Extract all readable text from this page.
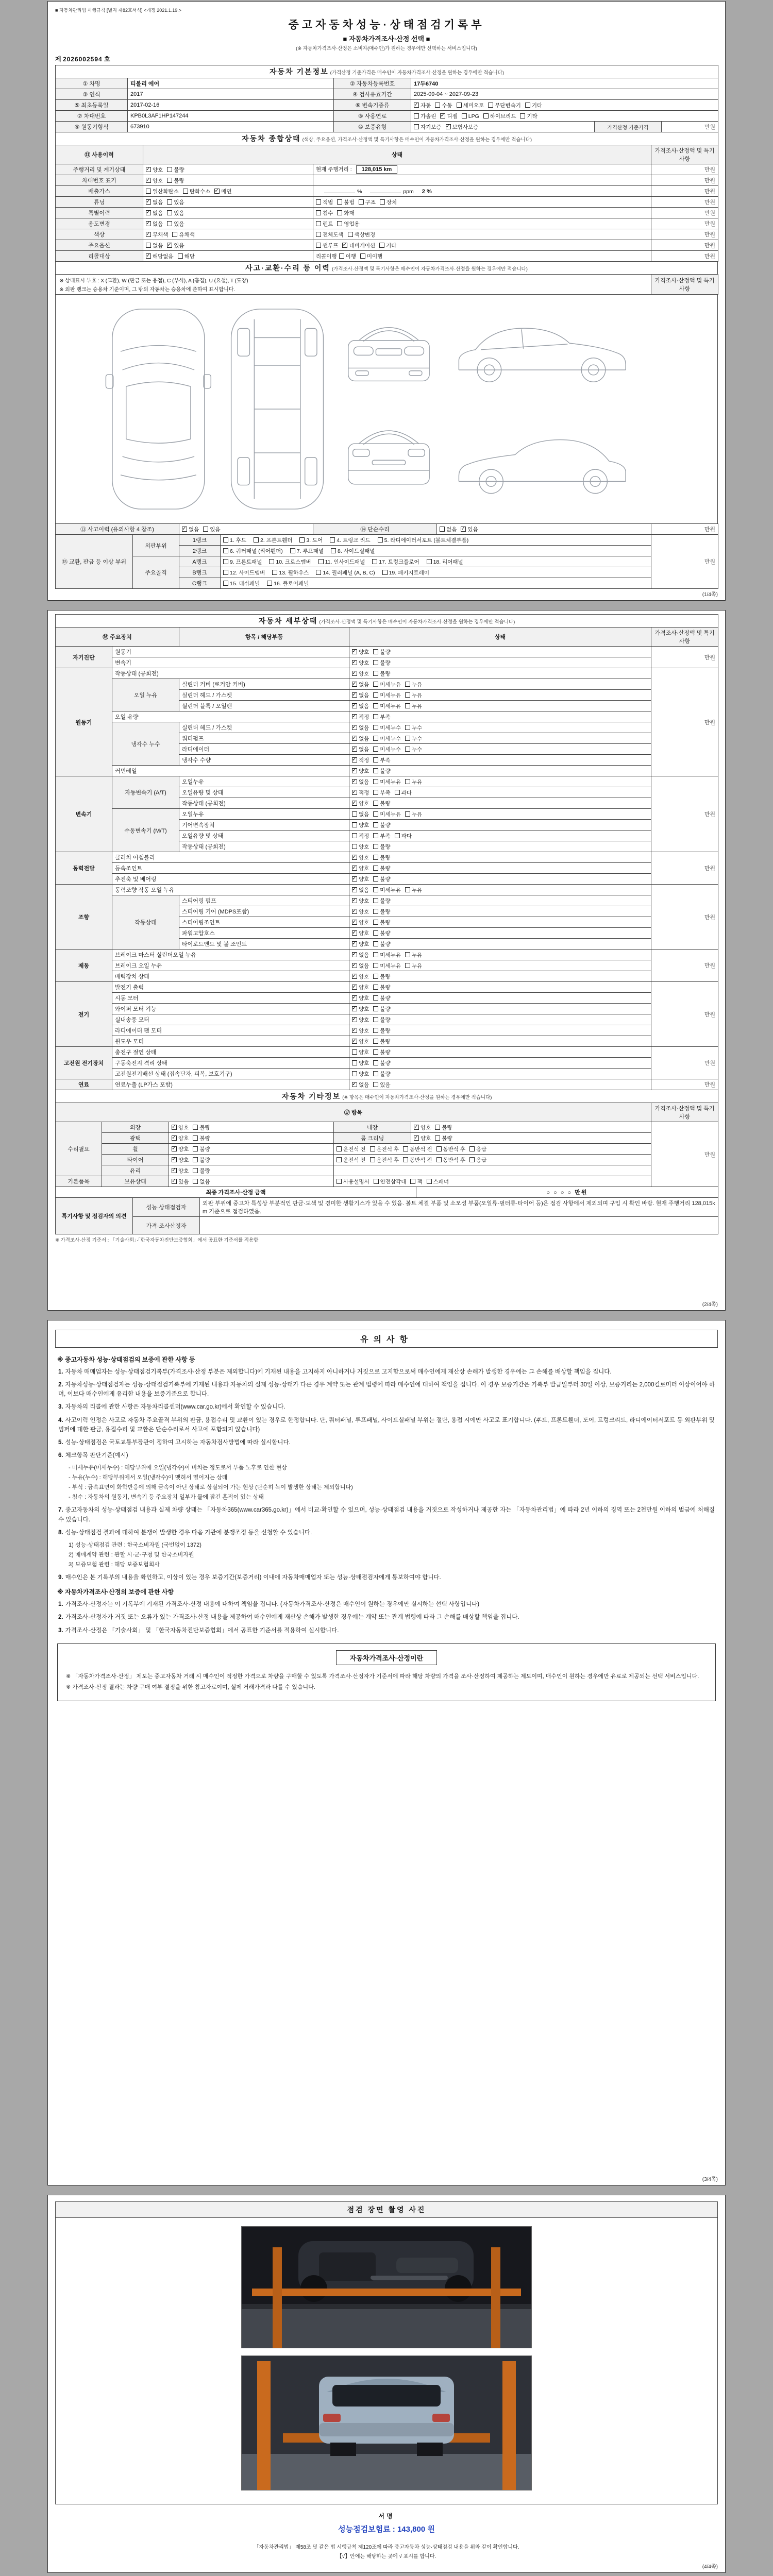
■ 자동차관리법 시행규칙 [별지 제82호서식] <개정 2021.1.19.>
중고자동차성능·상태점검기록부
■ 자동차가격조사·산정 선택 ■
(※ 자동차가격조사·산정은 소비자(매수인)가 원하는 경우에만 선택하는 서비스입니다)
제 2026002594 호
자동차 기본정보 (가격산정 기준가격은 매수인이 자동차가격조사·산정을 원하는 경우에만 적습니다)					
① 차명	티볼리 에어	② 자동차등록번호	17두6740		
③ 연식	2017	④ 검사유효기간	2025-09-04 ~ 2027-09-23		
⑤ 최초등록일	2017-02-16	⑥ 변속기종류	✓자동 수동 세미오토 무단변속기 기타
⑦ 차대번호	KPB0L3AF1HP147244	⑧ 사용연료	가솔린 ✓ 디젤 LPG 하이브리드 기타
⑨ 원동기형식	673910	⑩ 보증유형	자기보증 ✓ 보험사보증	가격산정 기준가격	만원
자동차 종합상태 (색상, 주요옵션, 가격조사·산정액 및 특기사항은 매수인이 자동차가격조사·산정을 원하는 경우에만 적습니다)			
⑪ 사용이력	상태		가격조사·산정액 및 특기사항
주행거리 및 계기상태	✓양호 불량	현재 주행거리 : 128,015 km	만원
차대번호 표기	✓양호 불량		만원
배출가스	일산화탄소 탄화수소 ✓ 매연	% ppm 2 %	만원
튜닝	✓없음 있음	적법 불법 구조 장치	만원
특별이력	✓없음 있음	침수 화재	만원
용도변경	✓없음 있음	렌트 영업용	만원
색상	✓무채색 유채색	전체도색 색상변경	만원
주요옵션	없음 ✓ 있음	썬루프 ✓ 네비게이션 기타	만원
리콜대상	✓해당없음 해당	리콜이행 이행 미이행	만원
사고·교환·수리 등 이력 (가격조사·산정액 및 특기사항은 매수인이 자동차가격조사·산정을 원하는 경우에만 적습니다)
※ 상태표시 부호 : X (교환), W (판금 또는 용접), C (부식), A (흠집), U (요철), T (도장)
※ 외판 랭크는 승용차 기준이며, 그 밖의 자동차는 승용차에 준하여 표시합니다.
	가격조사·산정액 및 특기사항
⑬ 사고이력 (유의사항 4 참조)	✓없음 있음	⑭ 단순수리	없음 ✓ 있음	만원
⑮ 교환, 판금 등 이상 부위	외판부위	1랭크	1. 후드 2. 프론트휀더 3. 도어 4. 트렁크 리드 5. 라디에이터서포트 (볼트체결부품)	만원
		2랭크	6. 쿼터패널 (리어휀더) 7. 루프패널 8. 사이드실패널	
	주요골격	A랭크	9. 프론트패널 10. 크로스멤버 11. 인사이드패널 17. 트렁크플로어 18. 리어패널	
		B랭크	12. 사이드멤버 13. 휠하우스 14. 필러패널 (A, B, C) 19. 패키지트레이	
		C랭크	15. 대쉬패널 16. 플로어패널	
(1/4쪽)
자동차 세부상태 (가격조사·산정액 및 특기사항은 매수인이 자동차가격조사·산정을 원하는 경우에만 적습니다)				
⑯ 주요장치		항목 / 해당부품	상태	가격조사·산정액 및 특기사항
자기진단	원동기	✓양호 불량	만원
	변속기	✓양호 불량
원동기	작동상태 (공회전)	✓양호 불량	만원
	오일 누유	실린더 커버 (로커암 커버)	✓없음 미세누유 누유
		실린더 헤드 / 가스켓	✓없음 미세누유 누유
		실린더 블록 / 오일팬	✓없음 미세누유 누유
	오일 유량	✓적정 부족
	냉각수 누수	실린더 헤드 / 가스켓	✓없음 미세누수 누수
		워터펌프	✓없음 미세누수 누수
		라디에이터	✓없음 미세누수 누수
		냉각수 수량	✓적정 부족
	커먼레일	✓양호 불량
변속기	자동변속기 (A/T)	오일누유	✓없음 미세누유 누유	만원
		오일유량 및 상태	✓적정 부족 과다
		작동상태 (공회전)	✓양호 불량
	수동변속기 (M/T)	오일누유	없음 미세누유 누유	
		기어변속장치	양호 불량	
		오일유량 및 상태	적정 부족 과다	
		작동상태 (공회전)	양호 불량	
동력전달	클러치 어셈블리	✓양호 불량	만원
	등속조인트	✓양호 불량
	추진축 및 베어링	✓양호 불량
조향	동력조향 작동 오일 누유	✓없음 미세누유 누유	만원
	작동상태	스티어링 펌프	✓양호 불량
		스티어링 기어 (MDPS포함)	✓양호 불량
		스티어링조인트	✓양호 불량
		파워고압호스	✓양호 불량
		타이로드엔드 및 볼 조인트	✓양호 불량
제동	브레이크 마스터 실린더오일 누유	✓없음 미세누유 누유	만원
	브레이크 오일 누유	✓없음 미세누유 누유
	배력장치 상태	✓양호 불량
전기	발전기 출력	✓양호 불량	만원
	시동 모터	✓양호 불량
	와이퍼 모터 기능	✓양호 불량
	실내송풍 모터	✓양호 불량
	라디에이터 팬 모터	✓양호 불량
	윈도우 모터	✓양호 불량
고전원 전기장치	충전구 절연 상태		양호 불량	만원
	구동축전지 격리 상태		양호 불량	
	고전원전기배선 상태 (접속단자, 피복, 보호기구)		양호 불량	
연료	연료누출 (LP가스 포함)	✓없음 있음	만원
자동차 기타정보 (※ 항목은 매수인이 자동차가격조사·산정을 원하는 경우에만 적습니다)					
⑰ 항목					가격조사·산정액 및 특기사항
수리필요	외장	✓양호 불량	내장	✓양호 불량	만원
	광택	✓양호 불량	룸 크리닝	✓양호 불량
	휠	✓양호 불량	운전석 전 운전석 후 동반석 전 동반석 후 응급		
	타이어	✓양호 불량	운전석 전 운전석 후 동반석 전 동반석 후 응급		
	유리	✓양호 불량	
기본품목	보유상태	✓있음 없음	사용설명서 안전삼각대 잭 스패너		
최종 가격조사·산정 금액	○ ○ ○ ○ 만원
특기사항 및 점검자의 의견	성능·상태점검자	외판 부위에 중고차 특성상 부분적인 판금·도색 및 경미한 생활기스가 있을 수 있음. 볼트 체결 부품 및 소모성 부품(오일류·필터류·타이어 등)은 점검 사항에서 제외되며 구입 시 확인 바람. 현재 주행거리 128,015km 기준으로 점검하였음.
	가격·조사산정자	
※ 가격조사·산정 기준서 : 「기술사회」·「한국자동차진단보증협회」에서 공표한 기준서를 적용함
(2/4쪽)
유의사항
※ 중고자동차 성능·상태점검의 보증에 관한 사항 등
1. 자동차 매매업자는 성능·상태점검기록부(가격조사·산정 부분은 제외합니다)에 기재된 내용을 고지하지 아니하거나 거짓으로 고지함으로써 매수인에게 재산상 손해가 발생한 경우에는 그 손해를 배상할 책임을 집니다.
2. 자동차성능·상태점검자는 성능·상태점검기록부에 기재된 내용과 자동차의 실제 성능·상태가 다른 경우 계약 또는 관계 법령에 따라 매수인에 대하여 책임을 집니다. 이 경우 보증기간은 기록부 발급일부터 30일 이상, 보증거리는 2,000킬로미터 이상이어야 하며, 이보다 매수인에게 유리한 내용을 보증기준으로 합니다.
3. 자동차의 리콜에 관한 사항은 자동차리콜센터(www.car.go.kr)에서 확인할 수 있습니다.
4. 사고이력 인정은 사고로 자동차 주요골격 부위의 판금, 용접수리 및 교환이 있는 경우로 한정합니다. 단, 쿼터패널, 루프패널, 사이드실패널 부위는 절단, 용접 시에만 사고로 표기합니다. (후드, 프론트휀더, 도어, 트렁크리드, 라디에이터서포트 등 외판부위 및 범퍼에 대한 판금, 용접수리 및 교환은 단순수리로서 사고에 포함되지 않습니다)
5. 성능·상태점검은 국토교통부장관이 정하여 고시하는 자동차검사방법에 따라 실시합니다.
6. 체크항목 판단기준(예시)
- 미세누유(미세누수) : 해당부위에 오일(냉각수)이 비치는 정도로서 부품 노후로 인한 현상
- 누유(누수) : 해당부위에서 오일(냉각수)이 맺혀서 떨어지는 상태
- 부식 : 금속표면이 화학반응에 의해 금속이 아닌 상태로 상실되어 가는 현상 (단순히 녹이 발생한 상태는 제외합니다)
- 침수 : 자동차의 원동기, 변속기 등 주요장치 일부가 물에 잠긴 흔적이 있는 상태
7. 중고자동차의 성능·상태점검 내용과 실제 차량 상태는 「자동차365(www.car365.go.kr)」에서 비교·확인할 수 있으며, 성능·상태점검 내용을 거짓으로 작성하거나 제공한 자는 「자동차관리법」에 따라 2년 이하의 징역 또는 2천만원 이하의 벌금에 처해질 수 있습니다.
8. 성능·상태점검 결과에 대하여 분쟁이 발생한 경우 다음 기관에 분쟁조정 등을 신청할 수 있습니다.
1) 성능·상태점검 관련 : 한국소비자원 (국번없이 1372)
2) 매매계약 관련 : 관할 시·군·구청 및 한국소비자원
3) 보증보험 관련 : 해당 보증보험회사
9. 매수인은 본 기록부의 내용을 확인하고, 이상이 있는 경우 보증기간(보증거리) 이내에 자동차매매업자 또는 성능·상태점검자에게 통보하여야 합니다.
※ 자동차가격조사·산정의 보증에 관한 사항
1. 가격조사·산정자는 이 기록부에 기재된 가격조사·산정 내용에 대하여 책임을 집니다. (자동차가격조사·산정은 매수인이 원하는 경우에만 실시하는 선택 사항입니다)
2. 가격조사·산정자가 거짓 또는 오류가 있는 가격조사·산정 내용을 제공하여 매수인에게 재산상 손해가 발생한 경우에는 계약 또는 관계 법령에 따라 그 손해를 배상할 책임을 집니다.
3. 가격조사·산정은 「기술사회」 및 「한국자동차진단보증협회」에서 공표한 기준서를 적용하여 실시합니다.
자동차가격조사·산정이란
※ 「자동차가격조사·산정」 제도는 중고자동차 거래 시 매수인이 적정한 가격으로 차량을 구매할 수 있도록 가격조사·산정자가 기준서에 따라 해당 차량의 가격을 조사·산정하여 제공하는 제도이며, 매수인이 원하는 경우에만 유료로 제공되는 선택 서비스입니다.
※ 가격조사·산정 결과는 차량 구매 여부 결정을 위한 참고자료이며, 실제 거래가격과 다를 수 있습니다.
(3/4쪽)
점검 장면 촬영 사진
서명
성능점검보험료 : 143,800 원
「자동차관리법」 제58조 및 같은 법 시행규칙 제120조에 따라 중고자동차 성능·상태점검 내용을 위와 같이 확인합니다.
【√】안에는 해당하는 곳에 √ 표시를 합니다.
(4/4쪽)
